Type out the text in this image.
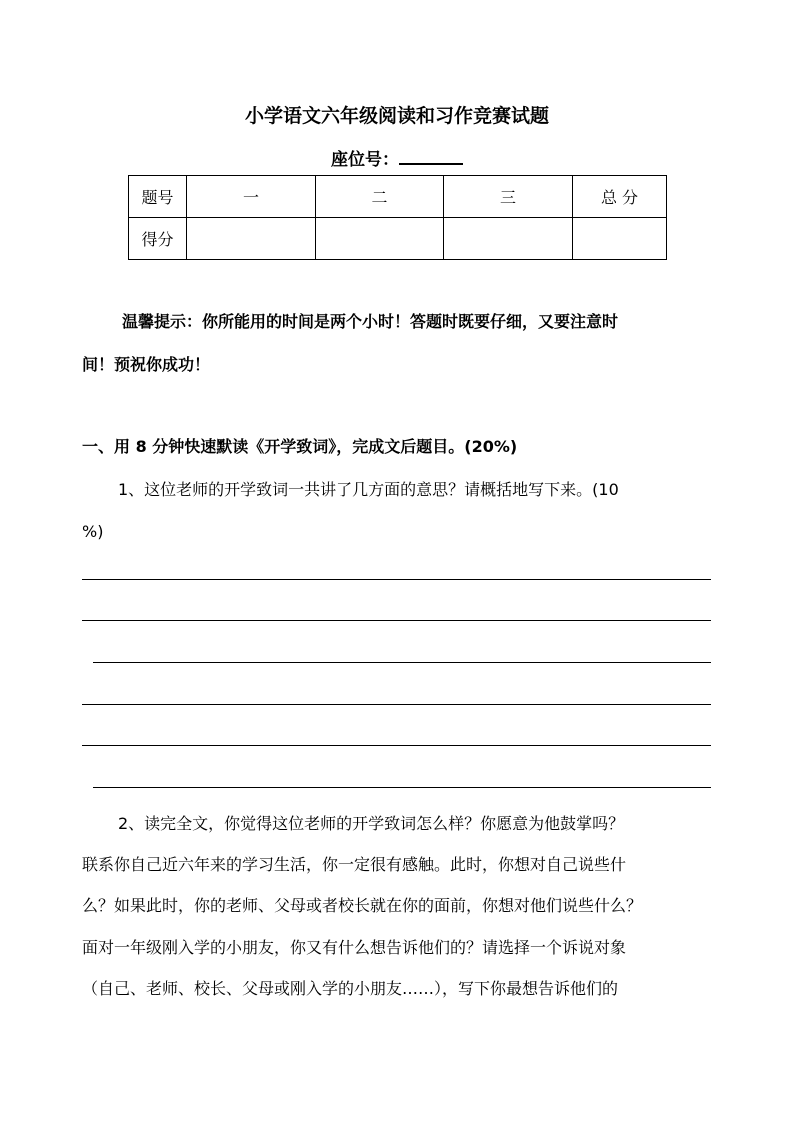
小学语文六年级阅读和习作竞赛试题
座位号：
题号	一	二	三	总 分
得分				
温馨提示：你所能用的时间是两个小时！答题时既要仔细，又要注意时
间！预祝你成功！
一、用 8 分钟快速默读《开学致词》，完成文后题目。(20%)
1、这位老师的开学致词一共讲了几方面的意思？请概括地写下来。(10
%)
2、读完全文，你觉得这位老师的开学致词怎么样？你愿意为他鼓掌吗？
联系你自己近六年来的学习生活，你一定很有感触。此时，你想对自己说些什
么？如果此时，你的老师、父母或者校长就在你的面前，你想对他们说些什么？
面对一年级刚入学的小朋友，你又有什么想告诉他们的？请选择一个诉说对象
（自己、老师、校长、父母或刚入学的小朋友……），写下你最想告诉他们的
